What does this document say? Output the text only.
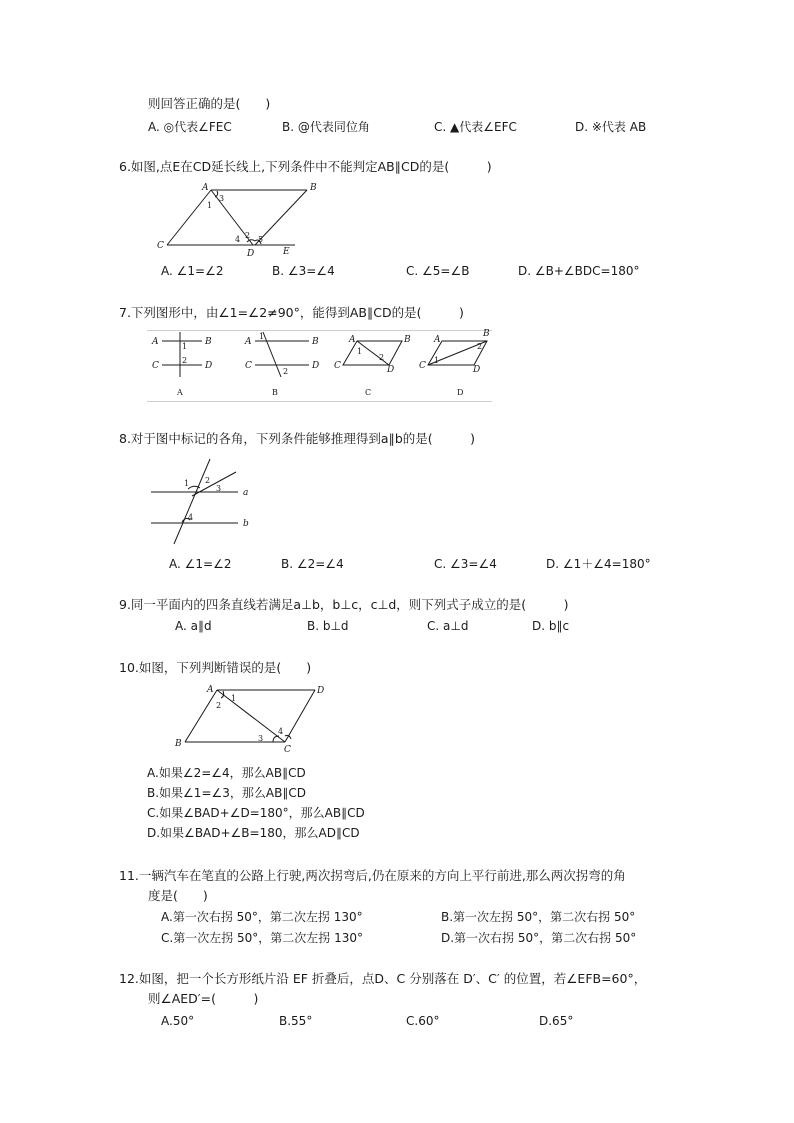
则回答正确的是(　　)
A. ◎代表∠FEC	B. @代表同位角	C. ▲代表∠EFC	D. ※代表 AB
6.如图,点E在CD延长线上,下列条件中不能判定AB∥CD的是(　　　)
A	B
C
D	E
1
3
2
4 5
A. ∠1=∠2	B. ∠3=∠4	C. ∠5=∠B	D. ∠B+∠BDC=180°
7.下列图形中，由∠1=∠2≠90°，能得到AB∥CD的是(　　　)
A	B
C	D
1
2
A
A	B
C	D
1
2
B
A	B
C	D
1
2
C
A
B
C	D
1
2
D
8.对于图中标记的各角，下列条件能够推理得到a∥b的是(　　　)
a
b
1 2
3
4
A. ∠1=∠2	B. ∠2=∠4	C. ∠3=∠4	D. ∠1＋∠4=180°
9.同一平面内的四条直线若满足a⊥b，b⊥c，c⊥d，则下列式子成立的是(　　　)
A. a∥d	B. b⊥d	C. a⊥d	D. b∥c
10.如图，下列判断错误的是(　　)
A	D
B
C
1
2
3
4
A.如果∠2=∠4，那么AB∥CD
B.如果∠1=∠3，那么AB∥CD
C.如果∠BAD+∠D=180°，那么AB∥CD
D.如果∠BAD+∠B=180，那么AD∥CD
11.一辆汽车在笔直的公路上行驶,两次拐弯后,仍在原来的方向上平行前进,那么两次拐弯的角
度是(　　)
A.第一次右拐 50°，第二次左拐 130°	B.第一次左拐 50°，第二次右拐 50°
C.第一次左拐 50°，第二次左拐 130°	D.第一次右拐 50°，第二次右拐 50°
12.如图，把一个长方形纸片沿 EF 折叠后，点D、C 分别落在 D′、C′ 的位置，若∠EFB=60°，
则∠AED′=(　　　)
A.50°	B.55°	C.60°	D.65°
